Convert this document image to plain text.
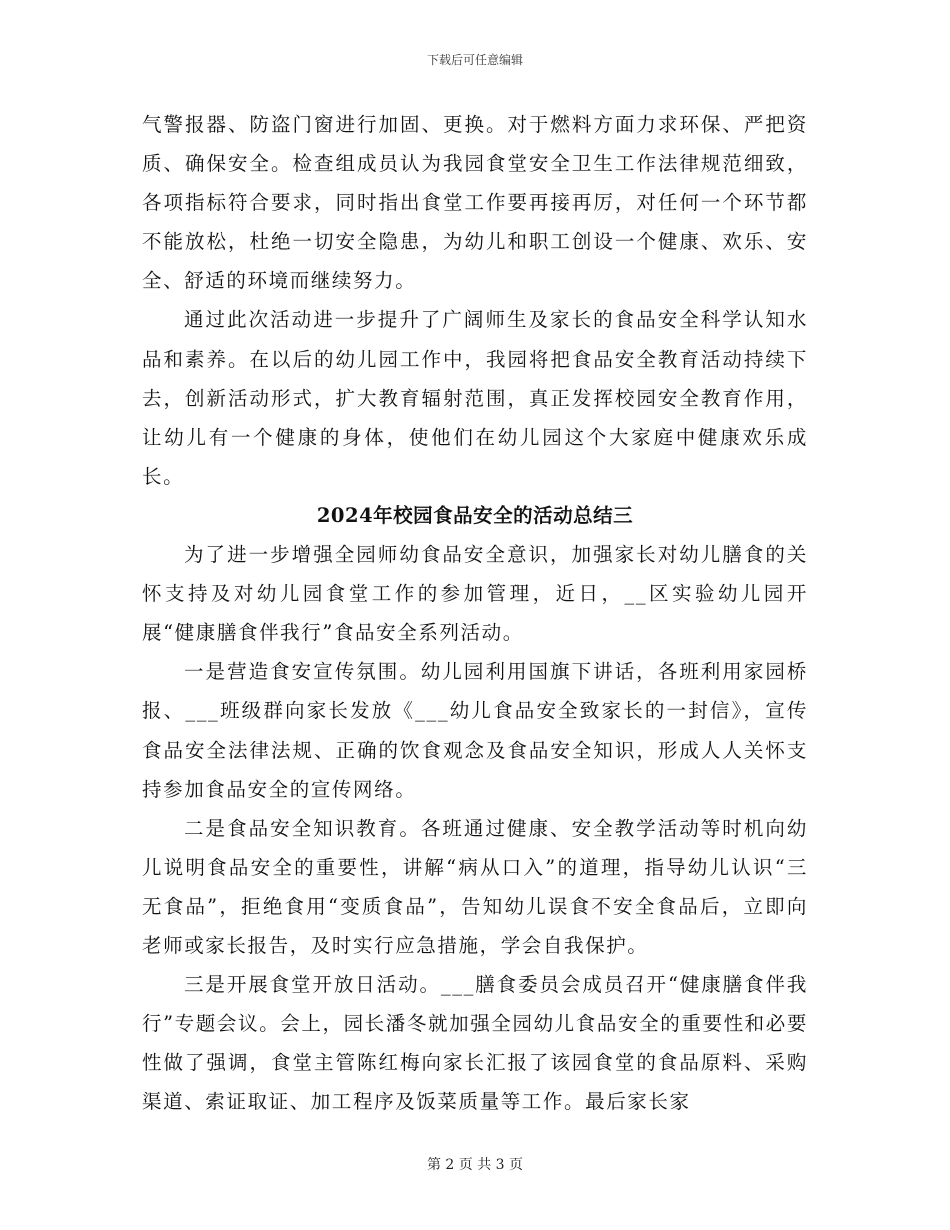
下载后可任意编辑

气警报器、防盗门窗进行加固、更换。对于燃料方面力求环保、严把资质、确保安全。检查组成员认为我园食堂安全卫生工作法律规范细致，各项指标符合要求，同时指出食堂工作要再接再厉，对任何一个环节都不能放松，杜绝一切安全隐患，为幼儿和职工创设一个健康、欢乐、安全、舒适的环境而继续努力。

通过此次活动进一步提升了广阔师生及家长的食品安全科学认知水品和素养。在以后的幼儿园工作中，我园将把食品安全教育活动持续下去，创新活动形式，扩大教育辐射范围，真正发挥校园安全教育作用，让幼儿有一个健康的身体，使他们在幼儿园这个大家庭中健康欢乐成长。

2024年校园食品安全的活动总结三

为了进一步增强全园师幼食品安全意识，加强家长对幼儿膳食的关怀支持及对幼儿园食堂工作的参加管理，近日，__区实验幼儿园开展“健康膳食伴我行”食品安全系列活动。

一是营造食安宣传氛围。幼儿园利用国旗下讲话，各班利用家园桥报、___班级群向家长发放《___幼儿食品安全致家长的一封信》，宣传食品安全法律法规、正确的饮食观念及食品安全知识，形成人人关怀支持参加食品安全的宣传网络。

二是食品安全知识教育。各班通过健康、安全教学活动等时机向幼儿说明食品安全的重要性，讲解“病从口入”的道理，指导幼儿认识“三无食品”，拒绝食用“变质食品”，告知幼儿误食不安全食品后，立即向老师或家长报告，及时实行应急措施，学会自我保护。

三是开展食堂开放日活动。___膳食委员会成员召开“健康膳食伴我行”专题会议。会上，园长潘冬就加强全园幼儿食品安全的重要性和必要性做了强调，食堂主管陈红梅向家长汇报了该园食堂的食品原料、采购渠道、索证取证、加工程序及饭菜质量等工作。最后家长家

第 2 页 共 3 页
